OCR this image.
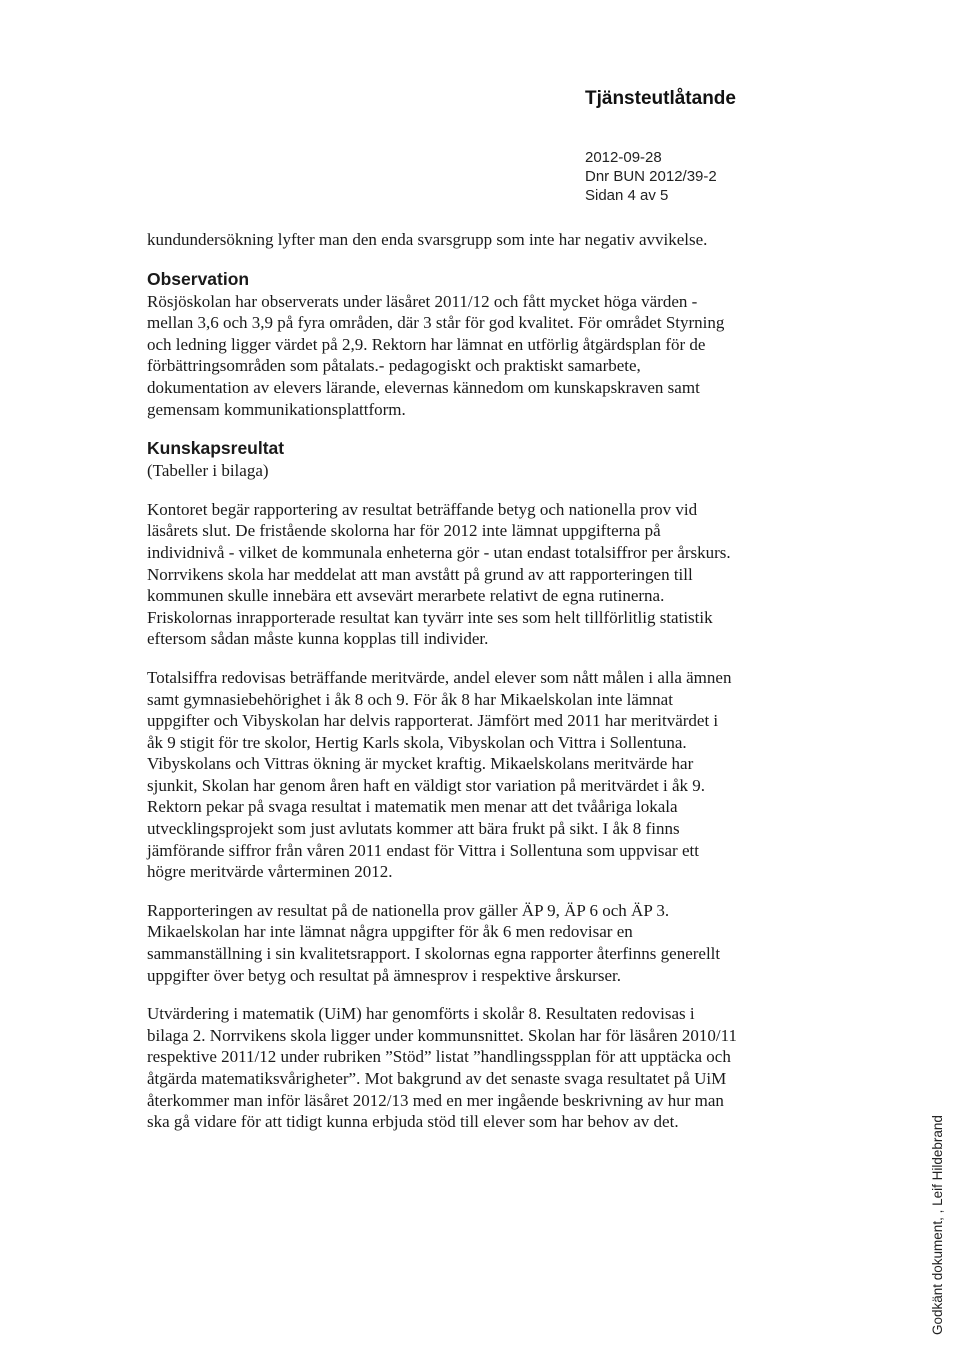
Tjänsteutlåtande
2012-09-28
Dnr BUN 2012/39-2
Sidan 4 av 5

kundundersökning lyfter man den enda svarsgrupp som inte har negativ avvikelse.

Observation

Rösjöskolan har observerats under läsåret 2011/12 och fått mycket höga värden - mellan 3,6 och 3,9 på fyra områden, där 3 står för god kvalitet. För området Styrning och ledning ligger värdet på 2,9. Rektorn har lämnat en utförlig åtgärdsplan för de förbättringsområden som påtalats.- pedagogiskt och praktiskt samarbete, dokumentation av elevers lärande, elevernas kännedom om kunskapskraven samt gemensam kommunikationsplattform.

Kunskapsreultat

(Tabeller i bilaga)

Kontoret begär rapportering av resultat beträffande betyg och nationella prov vid läsårets slut. De fristående skolorna har för 2012 inte lämnat uppgifterna på individnivå - vilket de kommunala enheterna gör - utan endast totalsiffror per årskurs. Norrvikens skola har meddelat att man avstått på grund av att rapporteringen till kommunen skulle innebära ett avsevärt merarbete relativt de egna rutinerna. Friskolornas inrapporterade resultat kan tyvärr inte ses som helt tillförlitlig statistik eftersom sådan måste kunna kopplas till individer.

Totalsiffra redovisas beträffande meritvärde, andel elever som nått målen i alla ämnen samt gymnasiebehörighet i åk 8 och 9. För åk 8 har Mikaelskolan inte lämnat uppgifter och Vibyskolan har delvis rapporterat. Jämfört med 2011 har meritvärdet i åk 9 stigit för tre skolor, Hertig Karls skola, Vibyskolan och Vittra i Sollentuna. Vibyskolans och Vittras ökning är mycket kraftig. Mikaelskolans meritvärde har sjunkit, Skolan har genom åren haft en väldigt stor variation på meritvärdet i åk 9. Rektorn pekar på svaga resultat i matematik men menar att det tvååriga lokala utvecklingsprojekt som just avlutats kommer att bära frukt på sikt. I åk 8 finns jämförande siffror från våren 2011 endast för Vittra i Sollentuna som uppvisar ett högre meritvärde vårterminen 2012.

Rapporteringen av resultat på de nationella prov gäller ÄP 9, ÄP 6 och ÄP 3. Mikaelskolan har inte lämnat några uppgifter för åk 6 men redovisar en sammanställning i sin kvalitetsrapport. I skolornas egna rapporter återfinns generellt uppgifter över betyg och resultat på ämnesprov i respektive årskurser.

Utvärdering i matematik (UiM) har genomförts i skolår 8. Resultaten redovisas i bilaga 2. Norrvikens skola ligger under kommunsnittet. Skolan har för läsåren 2010/11 respektive 2011/12 under rubriken ”Stöd” listat ”handlingsspplan för att upptäcka och åtgärda matematiksvårigheter”. Mot bakgrund av det senaste svaga resultatet på UiM återkommer man inför läsåret 2012/13 med en mer ingående beskrivning av hur man ska gå vidare för att tidigt kunna erbjuda stöd till elever som har behov av det.	Godkänt dokument, , Leif Hildebrand
